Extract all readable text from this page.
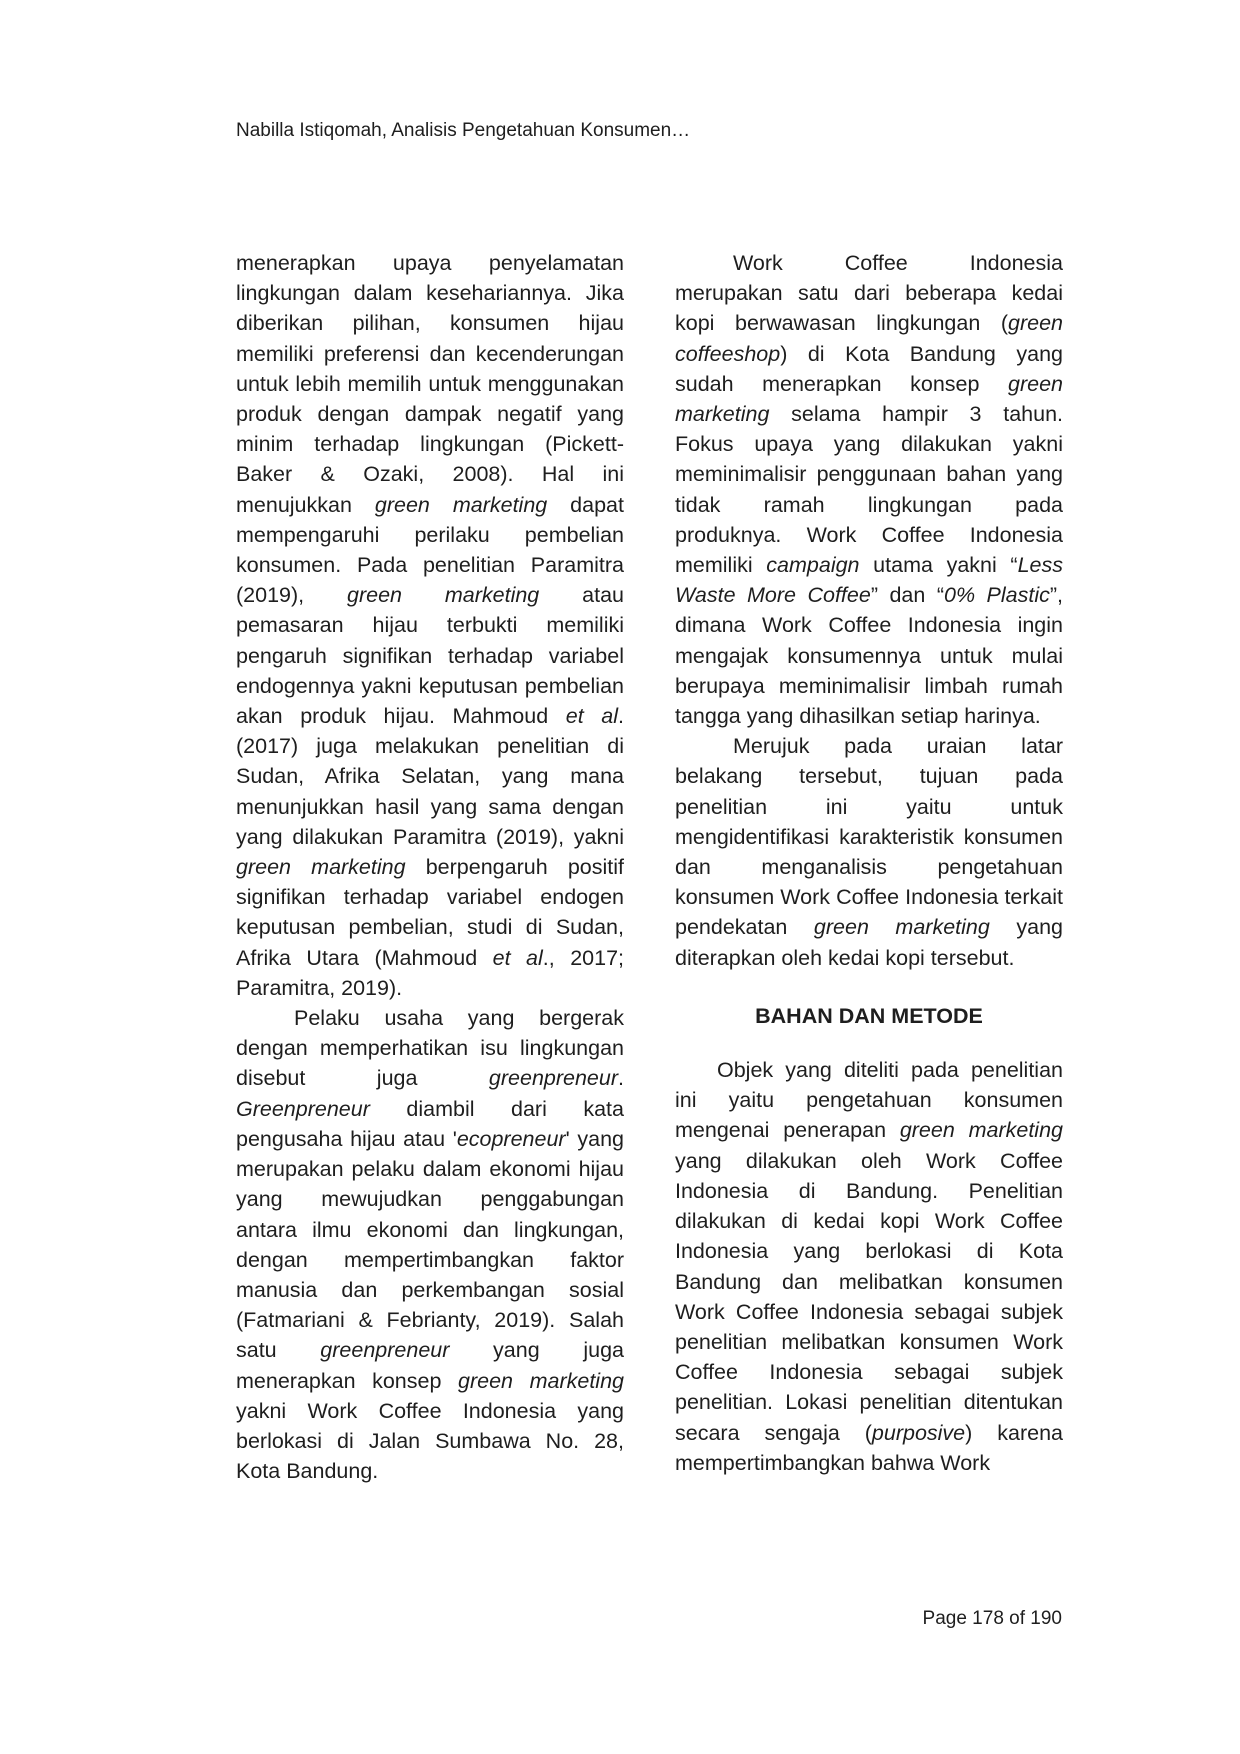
Nabilla Istiqomah, Analisis Pengetahuan Konsumen…

menerapkan upaya penyelamatan lingkungan dalam kesehariannya. Jika diberikan pilihan, konsumen hijau memiliki preferensi dan kecenderungan untuk lebih memilih untuk menggunakan produk dengan dampak negatif yang minim terhadap lingkungan (Pickett-Baker & Ozaki, 2008). Hal ini menujukkan green marketing dapat mempengaruhi perilaku pembelian konsumen. Pada penelitian Paramitra (2019), green marketing atau pemasaran hijau terbukti memiliki pengaruh signifikan terhadap variabel endogennya yakni keputusan pembelian akan produk hijau. Mahmoud et al. (2017) juga melakukan penelitian di Sudan, Afrika Selatan, yang mana menunjukkan hasil yang sama dengan yang dilakukan Paramitra (2019), yakni green marketing berpengaruh positif signifikan terhadap variabel endogen keputusan pembelian, studi di Sudan, Afrika Utara (Mahmoud et al., 2017; Paramitra, 2019).

Pelaku usaha yang bergerak dengan memperhatikan isu lingkungan disebut juga greenpreneur. Greenpreneur diambil dari kata pengusaha hijau atau 'ecopreneur' yang merupakan pelaku dalam ekonomi hijau yang mewujudkan penggabungan antara ilmu ekonomi dan lingkungan, dengan mempertimbangkan faktor manusia dan perkembangan sosial (Fatmariani & Febrianty, 2019). Salah satu greenpreneur yang juga menerapkan konsep green marketing yakni Work Coffee Indonesia yang berlokasi di Jalan Sumbawa No. 28, Kota Bandung.

Work Coffee Indonesia merupakan satu dari beberapa kedai kopi berwawasan lingkungan (green coffeeshop) di Kota Bandung yang sudah menerapkan konsep green marketing selama hampir 3 tahun. Fokus upaya yang dilakukan yakni meminimalisir penggunaan bahan yang tidak ramah lingkungan pada produknya. Work Coffee Indonesia memiliki campaign utama yakni “Less Waste More Coffee” dan “0% Plastic”, dimana Work Coffee Indonesia ingin mengajak konsumennya untuk mulai berupaya meminimalisir limbah rumah tangga yang dihasilkan setiap harinya.

Merujuk pada uraian latar belakang tersebut, tujuan pada penelitian ini yaitu untuk mengidentifikasi karakteristik konsumen dan menganalisis pengetahuan konsumen Work Coffee Indonesia terkait pendekatan green marketing yang diterapkan oleh kedai kopi tersebut.

BAHAN DAN METODE

Objek yang diteliti pada penelitian ini yaitu pengetahuan konsumen mengenai penerapan green marketing yang dilakukan oleh Work Coffee Indonesia di Bandung. Penelitian dilakukan di kedai kopi Work Coffee Indonesia yang berlokasi di Kota Bandung dan melibatkan konsumen Work Coffee Indonesia sebagai subjek penelitian melibatkan konsumen Work Coffee Indonesia sebagai subjek penelitian. Lokasi penelitian ditentukan secara sengaja (purposive) karena mempertimbangkan bahwa Work

Page 178 of 190
